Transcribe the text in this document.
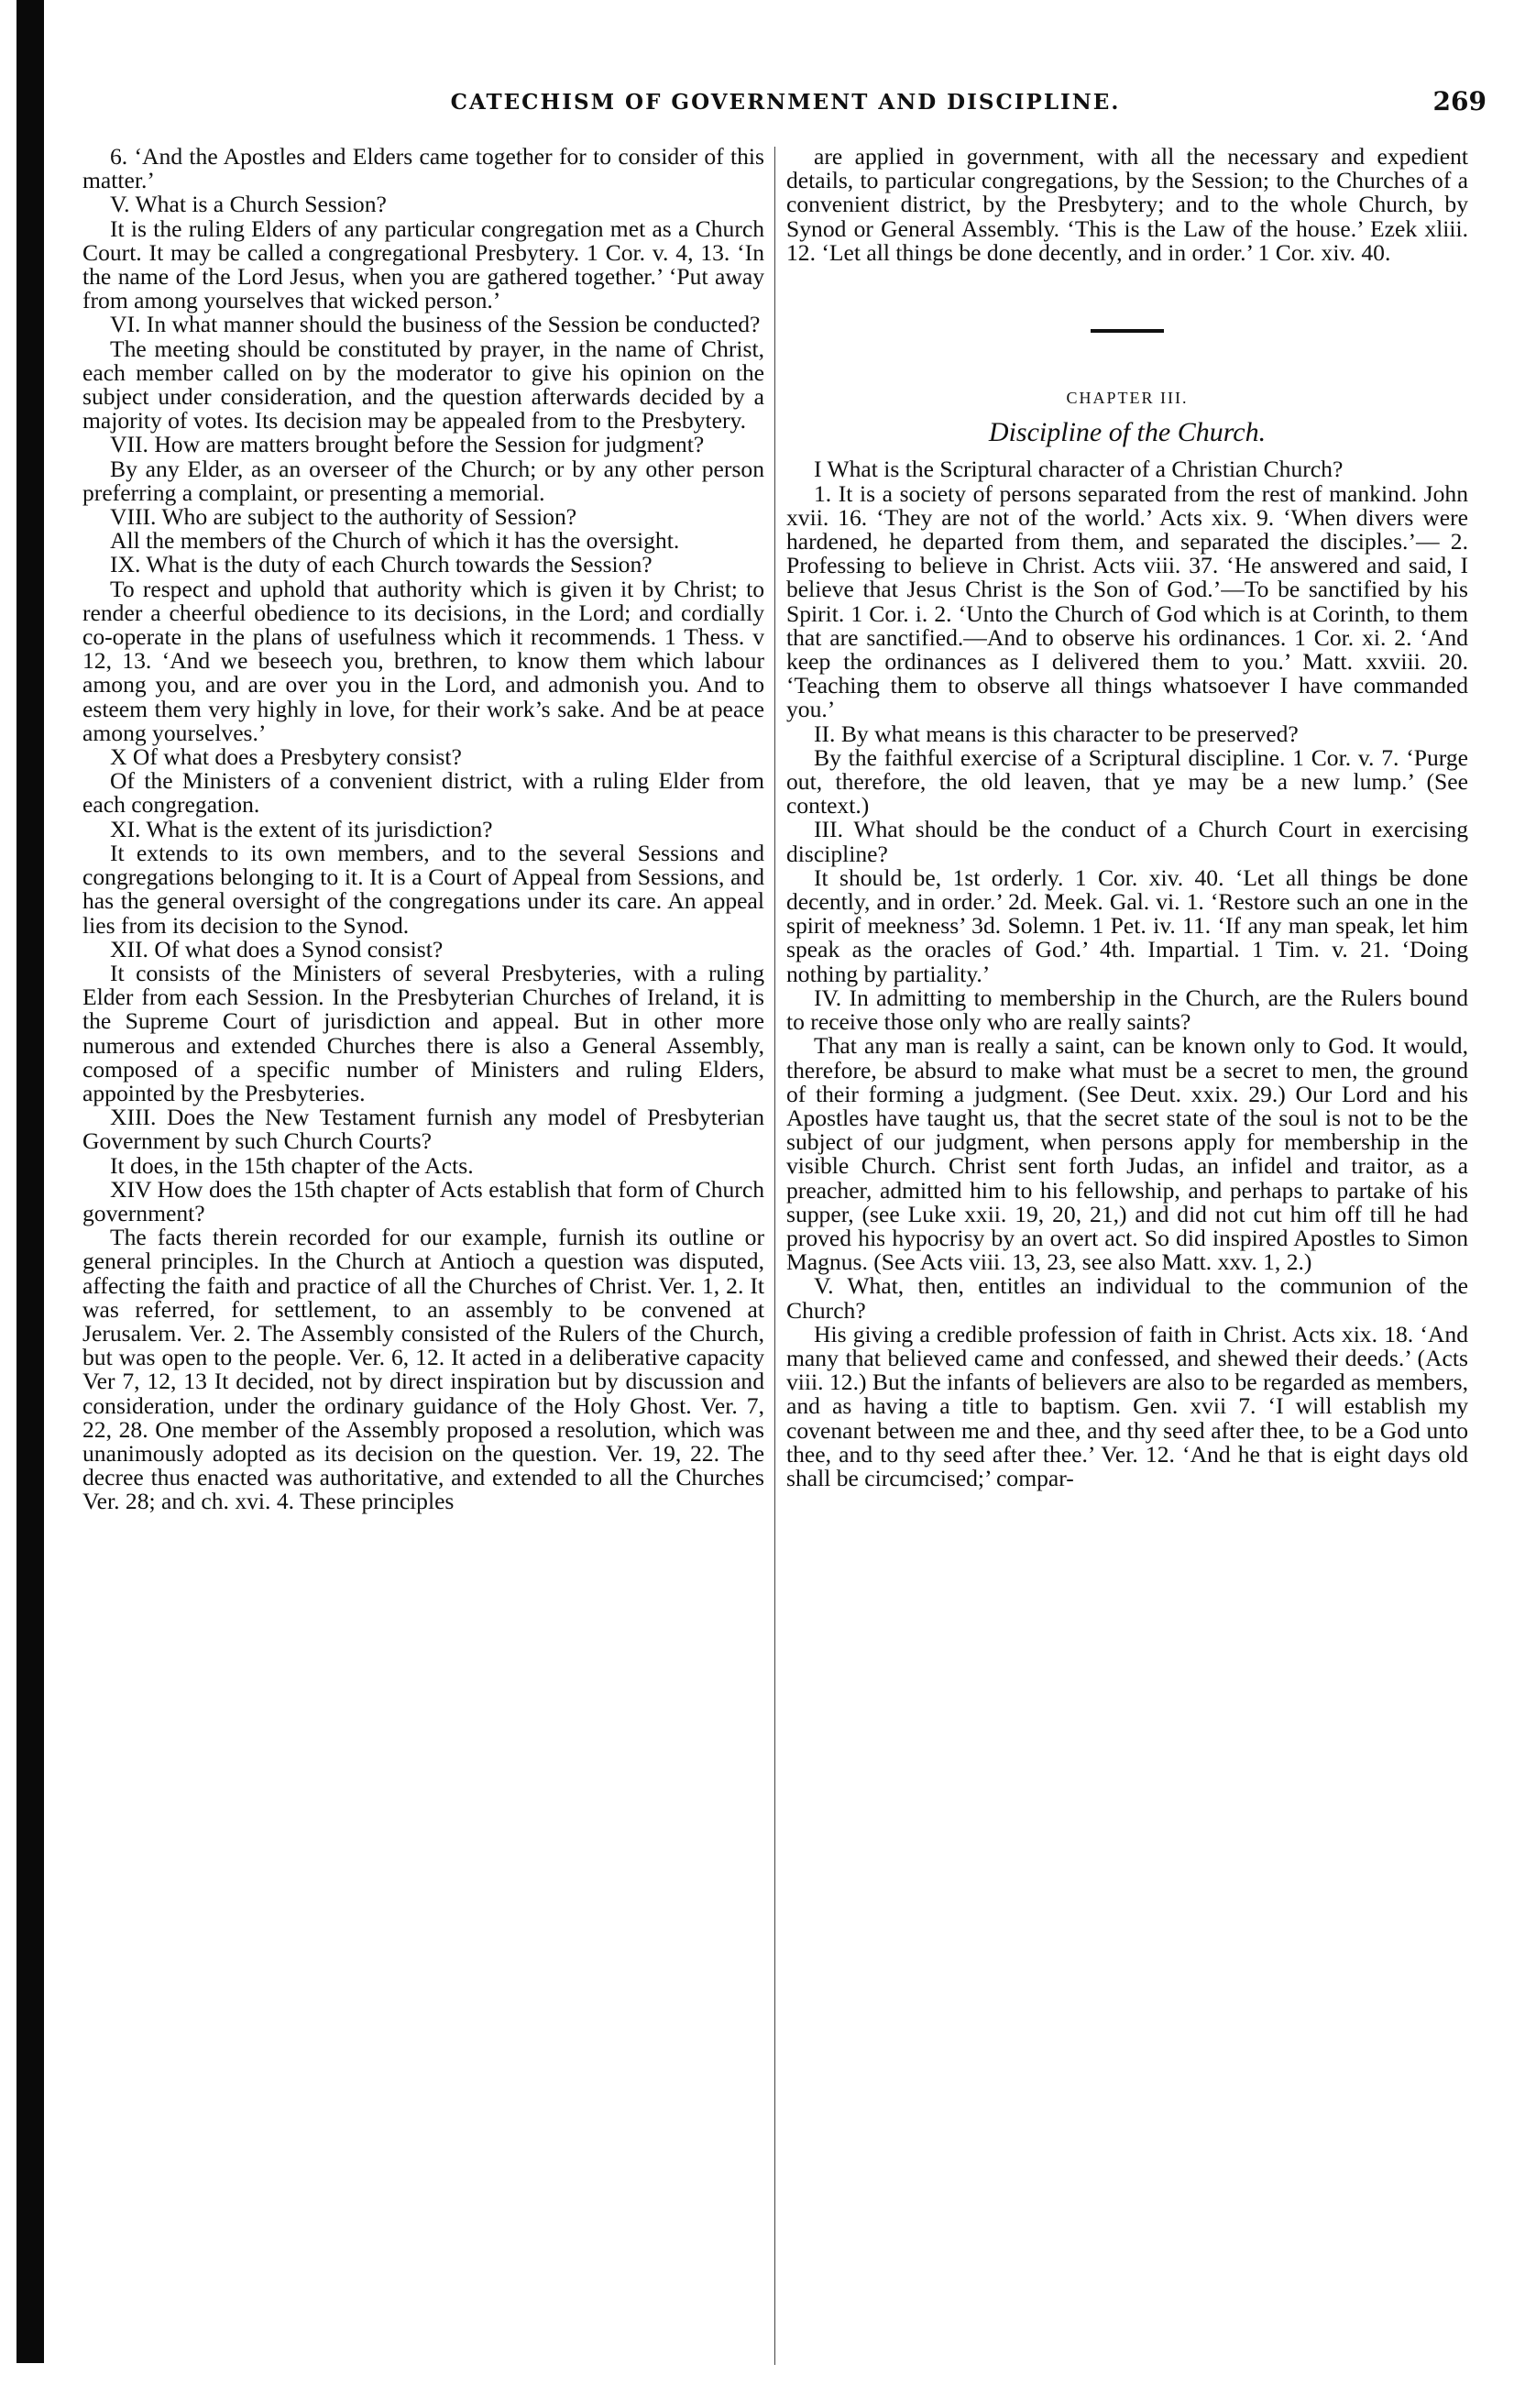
CATECHISM OF GOVERNMENT AND DISCIPLINE.	269

6. ‘And the Apostles and Elders came together for to consider of this matter.’

V. What is a Church Session?

It is the ruling Elders of any particular congregation met as a Church Court. It may be called a congregational Presbytery. 1 Cor. v. 4, 13. ‘In the name of the Lord Jesus, when you are gathered together.’ ‘Put away from among yourselves that wicked person.’

VI. In what manner should the business of the Session be conducted?

The meeting should be constituted by prayer, in the name of Christ, each member called on by the moderator to give his opinion on the subject under consideration, and the question afterwards decided by a majority of votes. Its decision may be appealed from to the Presbytery.

VII. How are matters brought before the Session for judgment?

By any Elder, as an overseer of the Church; or by any other person preferring a complaint, or presenting a memorial.

VIII. Who are subject to the authority of Session?

All the members of the Church of which it has the oversight.

IX. What is the duty of each Church towards the Session?

To respect and uphold that authority which is given it by Christ; to render a cheerful obedience to its decisions, in the Lord; and cordially co-operate in the plans of usefulness which it recommends. 1 Thess. v 12, 13. ‘And we beseech you, brethren, to know them which labour among you, and are over you in the Lord, and admonish you. And to esteem them very highly in love, for their work’s sake. And be at peace among yourselves.’

X Of what does a Presbytery consist?

Of the Ministers of a convenient district, with a ruling Elder from each congregation.

XI. What is the extent of its jurisdiction?

It extends to its own members, and to the several Sessions and congregations belonging to it. It is a Court of Appeal from Sessions, and has the general oversight of the congregations under its care. An appeal lies from its decision to the Synod.

XII. Of what does a Synod consist?

It consists of the Ministers of several Presbyteries, with a ruling Elder from each Session. In the Presbyterian Churches of Ireland, it is the Supreme Court of jurisdiction and appeal. But in other more numerous and extended Churches there is also a General Assembly, composed of a specific number of Ministers and ruling Elders, appointed by the Presbyteries.

XIII. Does the New Testament furnish any model of Presbyterian Government by such Church Courts?

It does, in the 15th chapter of the Acts.

XIV How does the 15th chapter of Acts establish that form of Church government?

The facts therein recorded for our example, furnish its outline or general principles. In the Church at Antioch a question was disputed, affecting the faith and practice of all the Churches of Christ. Ver. 1, 2. It was referred, for settlement, to an assembly to be convened at Jerusalem. Ver. 2. The Assembly consisted of the Rulers of the Church, but was open to the people. Ver. 6, 12. It acted in a deliberative capacity Ver 7, 12, 13 It decided, not by direct inspiration but by discussion and consideration, under the ordinary guidance of the Holy Ghost. Ver. 7, 22, 28. One member of the Assembly proposed a resolution, which was unanimously adopted as its decision on the question. Ver. 19, 22. The decree thus enacted was authoritative, and extended to all the Churches Ver. 28; and ch. xvi. 4. These principles

are applied in government, with all the necessary and expedient details, to particular congregations, by the Session; to the Churches of a convenient district, by the Presbytery; and to the whole Church, by Synod or General Assembly. ‘This is the Law of the house.’ Ezek xliii. 12. ‘Let all things be done decently, and in order.’ 1 Cor. xiv. 40.

CHAPTER III.
Discipline of the Church.

I What is the Scriptural character of a Christian Church?

1. It is a society of persons separated from the rest of mankind. John xvii. 16. ‘They are not of the world.’ Acts xix. 9. ‘When divers were hardened, he departed from them, and separated the disciples.’— 2. Professing to believe in Christ. Acts viii. 37. ‘He answered and said, I believe that Jesus Christ is the Son of God.’—To be sanctified by his Spirit. 1 Cor. i. 2. ‘Unto the Church of God which is at Corinth, to them that are sanctified.—And to observe his ordinances. 1 Cor. xi. 2. ‘And keep the ordinances as I delivered them to you.’ Matt. xxviii. 20. ‘Teaching them to observe all things whatsoever I have commanded you.’

II. By what means is this character to be preserved?

By the faithful exercise of a Scriptural discipline. 1 Cor. v. 7. ‘Purge out, therefore, the old leaven, that ye may be a new lump.’ (See context.)

III. What should be the conduct of a Church Court in exercising discipline?

It should be, 1st orderly. 1 Cor. xiv. 40. ‘Let all things be done decently, and in order.’ 2d. Meek. Gal. vi. 1. ‘Restore such an one in the spirit of meekness’ 3d. Solemn. 1 Pet. iv. 11. ‘If any man speak, let him speak as the oracles of God.’ 4th. Impartial. 1 Tim. v. 21. ‘Doing nothing by partiality.’

IV. In admitting to membership in the Church, are the Rulers bound to receive those only who are really saints?

That any man is really a saint, can be known only to God. It would, therefore, be absurd to make what must be a secret to men, the ground of their forming a judgment. (See Deut. xxix. 29.) Our Lord and his Apostles have taught us, that the secret state of the soul is not to be the subject of our judgment, when persons apply for membership in the visible Church. Christ sent forth Judas, an infidel and traitor, as a preacher, admitted him to his fellowship, and perhaps to partake of his supper, (see Luke xxii. 19, 20, 21,) and did not cut him off till he had proved his hypocrisy by an overt act. So did inspired Apostles to Simon Magnus. (See Acts viii. 13, 23, see also Matt. xxv. 1, 2.)

V. What, then, entitles an individual to the communion of the Church?

His giving a credible profession of faith in Christ. Acts xix. 18. ‘And many that believed came and confessed, and shewed their deeds.’ (Acts viii. 12.) But the infants of believers are also to be regarded as members, and as having a title to baptism. Gen. xvii 7. ‘I will establish my covenant between me and thee, and thy seed after thee, to be a God unto thee, and to thy seed after thee.’ Ver. 12. ‘And he that is eight days old shall be circumcised;’ compar-
